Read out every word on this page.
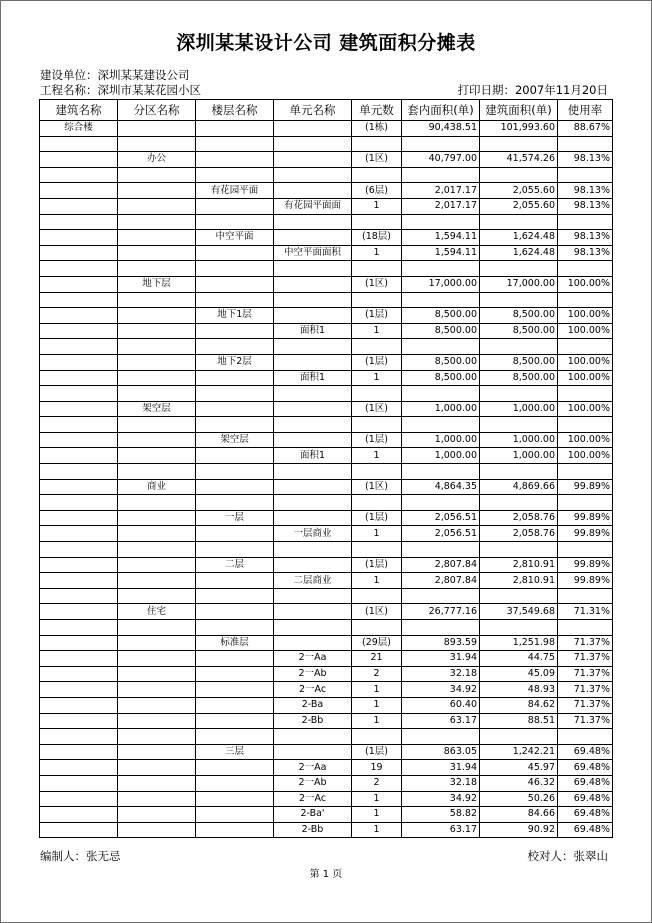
深圳某某设计公司 建筑面积分摊表
建设单位：深圳某某建设公司
工程名称：深圳市某某花园小区	打印日期：2007年11月20日
建筑名称	分区名称	楼层名称	单元名称	单元数	套内面积(单)	建筑面积(单)	使用率
综合楼				(1栋)	90,438.51	101,993.60	88.67%

	办公			(1区)	40,797.00	41,574.26	98.13%

		有花园平面		(6层)	2,017.17	2,055.60	98.13%
			有花园平面面	1	2,017.17	2,055.60	98.13%

		中空平面		(18层)	1,594.11	1,624.48	98.13%
			中空平面面积	1	1,594.11	1,624.48	98.13%

	地下层			(1区)	17,000.00	17,000.00	100.00%

		地下1层		(1层)	8,500.00	8,500.00	100.00%
			面积1	1	8,500.00	8,500.00	100.00%

		地下2层		(1层)	8,500.00	8,500.00	100.00%
			面积1	1	8,500.00	8,500.00	100.00%

	架空层			(1区)	1,000.00	1,000.00	100.00%

		架空层		(1层)	1,000.00	1,000.00	100.00%
			面积1	1	1,000.00	1,000.00	100.00%

	商业			(1区)	4,864.35	4,869.66	99.89%

		一层		(1层)	2,056.51	2,058.76	99.89%
			一层商业	1	2,056.51	2,058.76	99.89%

		二层		(1层)	2,807.84	2,810.91	99.89%
			二层商业	1	2,807.84	2,810.91	99.89%

	住宅			(1区)	26,777.16	37,549.68	71.31%

		标准层		(29层)	893.59	1,251.98	71.37%
			2一Aa	21	31.94	44.75	71.37%
			2一Ab	2	32.18	45.09	71.37%
			2一Ac	1	34.92	48.93	71.37%
			2-Ba	1	60.40	84.62	71.37%
			2-Bb	1	63.17	88.51	71.37%

		三层		(1层)	863.05	1,242.21	69.48%
			2一Aa	19	31.94	45.97	69.48%
			2一Ab	2	32.18	46.32	69.48%
			2一Ac	1	34.92	50.26	69.48%
			2-Ba'	1	58.82	84.66	69.48%
			2-Bb	1	63.17	90.92	69.48%
编制人：张无忌	校对人：张翠山
第 1 页
